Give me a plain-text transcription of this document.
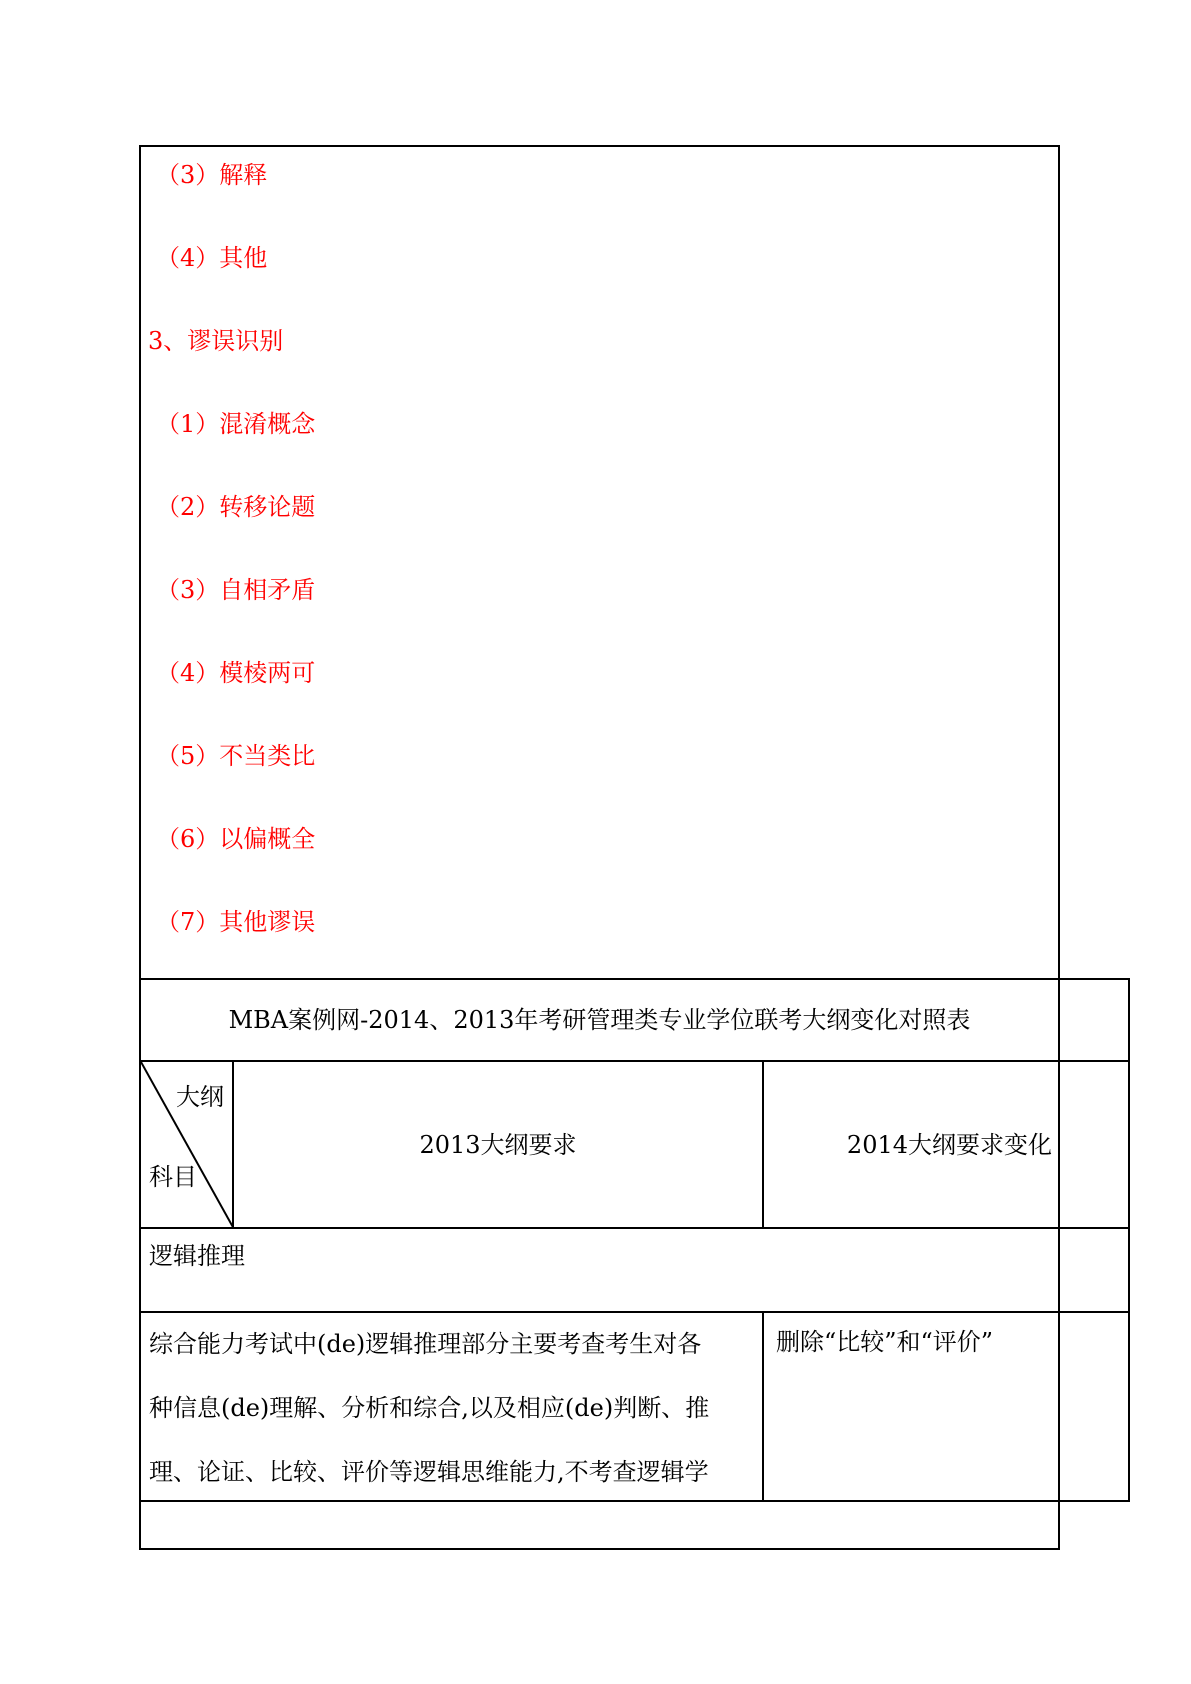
（3）解释
（4）其他
3、谬误识别
（1）混淆概念
（2）转移论题
（3）自相矛盾
（4）模棱两可
（5）不当类比
（6）以偏概全
（7）其他谬误
MBA案例网-2014、2013年考研管理类专业学位联考大纲变化对照表
大纲
科目
2013大纲要求	2014大纲要求变化
逻辑推理
综合能力考试中(de)逻辑推理部分主要考查考生对各
种信息(de)理解、分析和综合,以及相应(de)判断、推
理、论证、比较、评价等逻辑思维能力,不考查逻辑学
删除“比较”和“评价”
